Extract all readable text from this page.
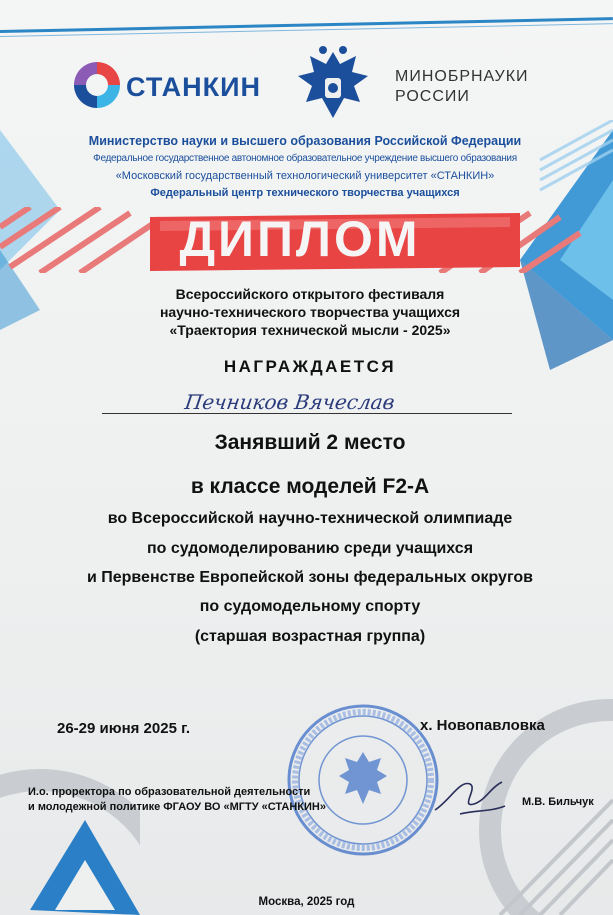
СТАНКИН	МИНОБРНАУКИ
РОССИИ
Министерство науки и высшего образования Российской Федерации
Федеральное государственное автономное образовательное учреждение высшего образования
«Московский государственный технологический университет «СТАНКИН»
Федеральный центр технического творчества учащихся
ДИПЛОМ
Всероссийского открытого фестиваля
научно-технического творчества учащихся
«Траектория технической мысли - 2025»
НАГРАЖДАЕТСЯ
Печников Вячеслав
Занявший 2 место
в классе моделей F2-A
во Всероссийской научно-технической олимпиаде
по судомоделированию среди учащихся
и Первенстве Европейской зоны федеральных округов
по судомодельному спорту
(старшая возрастная группа)
26-29 июня 2025 г.	х. Новопавловка
И.о. проректора по образовательной деятельности
и молодежной политике ФГАОУ ВО «МГТУ «СТАНКИН»	М.В. Бильчук
Москва, 2025 год
